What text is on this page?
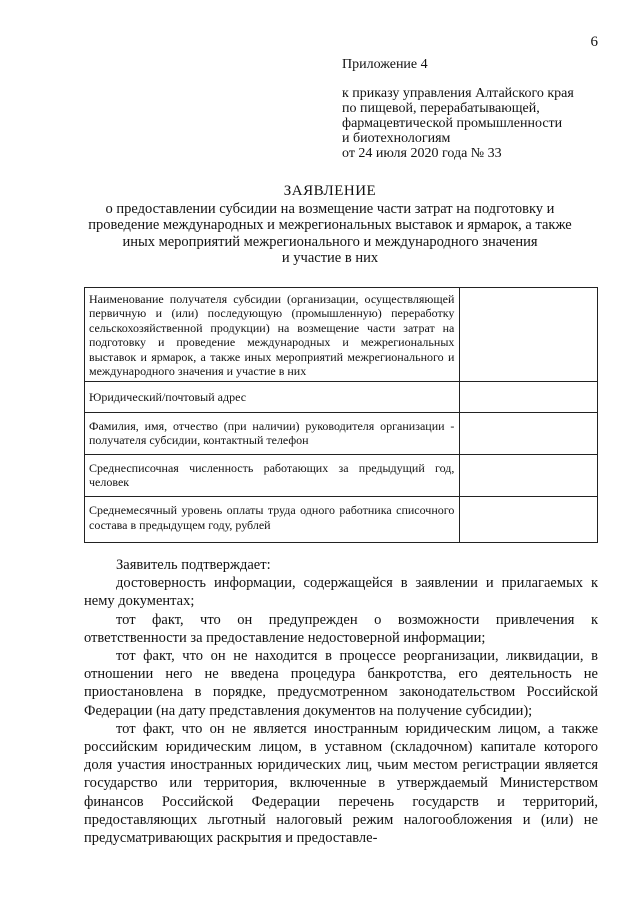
6
Приложение 4
к приказу управления Алтайского края
по пищевой, перерабатывающей,
фармацевтической промышленности
и биотехнологиям
от 24 июля 2020 года № 33
ЗАЯВЛЕНИЕ
о предоставлении субсидии на возмещение части затрат на подготовку и
проведение международных и межрегиональных выставок и ярмарок, а также
иных мероприятий межрегионального и международного значения
и участие в них
Наименование получателя субсидии (организации, осуществляющей первичную и (или) последующую (промышленную) переработку сельскохозяйственной продукции) на возмещение части затрат на подготовку и проведение международных и межрегиональных выставок и ярмарок, а также иных мероприятий межрегионального и международного значения и участие в них	
Юридический/почтовый адрес	
Фамилия, имя, отчество (при наличии) руководителя организации - получателя субсидии, контактный телефон	
Среднесписочная численность работающих за предыдущий год, человек	
Среднемесячный уровень оплаты труда одного работника списочного состава в предыдущем году, рублей	

Заявитель подтверждает:

достоверность информации, содержащейся в заявлении и прилагаемых к нему документах;

тот факт, что он предупрежден о возможности привлечения к ответственности за предоставление недостоверной информации;

тот факт, что он не находится в процессе реорганизации, ликвидации, в отношении него не введена процедура банкротства, его деятельность не приостановлена в порядке, предусмотренном законодательством Российской Федерации (на дату представления документов на получение субсидии);

тот факт, что он не является иностранным юридическим лицом, а также российским юридическим лицом, в уставном (складочном) капитале которого доля участия иностранных юридических лиц, чьим местом регистрации является государство или территория, включенные в утверждаемый Министерством финансов Российской Федерации перечень государств и территорий, предоставляющих льготный налоговый режим налогообложения и (или) не предусматривающих раскрытия и предоставле-
